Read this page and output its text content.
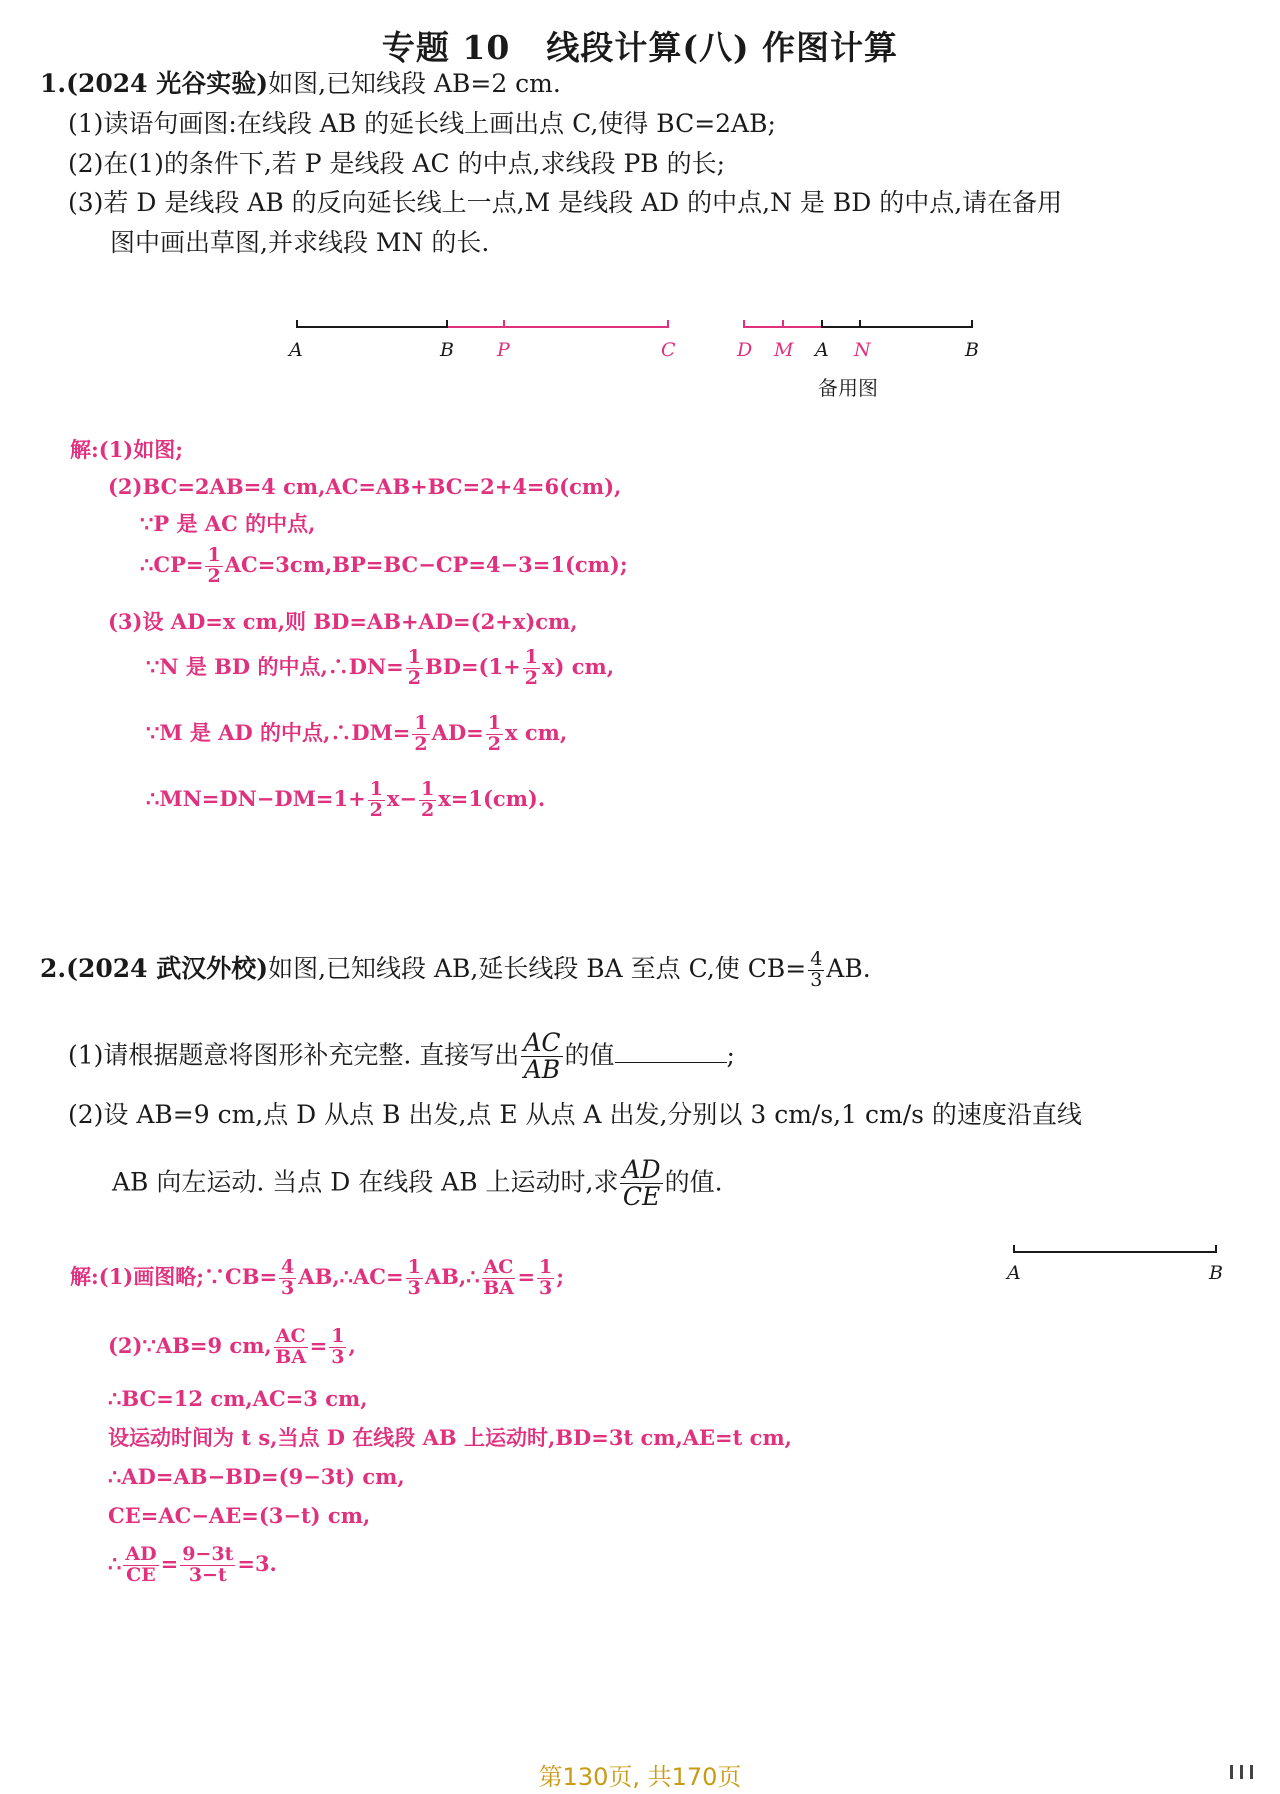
专题 10 线段计算(八) 作图计算
1.(2024 光谷实验)如图,已知线段 AB=2 cm.
(1)读语句画图:在线段 AB 的延长线上画出点 C,使得 BC=2AB;
(2)在(1)的条件下,若 P 是线段 AC 的中点,求线段 PB 的长;
(3)若 D 是线段 AB 的反向延长线上一点,M 是线段 AD 的中点,N 是 BD 的中点,请在备用
图中画出草图,并求线段 MN 的长.
A	B P	C	D M A N	B
备用图
解:(1)如图;
(2)BC=2AB=4 cm,AC=AB+BC=2+4=6(cm),
∵P 是 AC 的中点,
∴CP= $\frac{1}{2} AC=3cm,BP=BC-CP=4-3=1(cm)$;
(3)设 AD=x cm,则 BD=AB+AD=(2+x)cm,
∵N 是 BD 的中点,∴DN= $\frac{1}{2} BD=(1+ \frac{1}{2} x)$ cm,
∵M 是 AD 的中点,∴DM= $\frac{1}{2} AD= \frac{1}{2}$ x cm,
∴MN=DN−DM=1+ $\frac{1}{2} x- \frac{1}{2} x=1(cm)$.
2.(2024 武汉外校)如图,已知线段 AB,延长线段 BA 至点 C,使 $CB= \frac{4}{3}$ AB.
(1)请根据题意将图形补充完整. 直接写出 $\frac{AC}{AB}$ 的值	;
(2)设 AB=9 cm,点 D 从点 B 出发,点 E 从点 A 出发,分别以 3 cm/s,1 cm/s 的速度沿直线
AB 向左运动. 当点 D 在线段 AB 上运动时,求 $\frac{AD}{CE}$ 的值.
A	B
解:(1)画图略;∵CB= $\frac{4}{3}$ AB,∴AC= $\frac{1}{3}$ AB,∴ $\frac{AC}{BA} = \frac{1}{3}$ ;
(2)∵AB=9 cm, $\frac{AC}{BA} = \frac{1}{3}$ ,
∴BC=12 cm,AC=3 cm,
设运动时间为 t s,当点 D 在线段 AB 上运动时,BD=3t cm,AE=t cm,
∴AD=AB−BD=(9−3t) cm,
CE=AC−AE=(3−t) cm,
∴ $\frac{AD}{CE} = \frac{9-3t}{3-t} =3$.
第130页, 共170页
